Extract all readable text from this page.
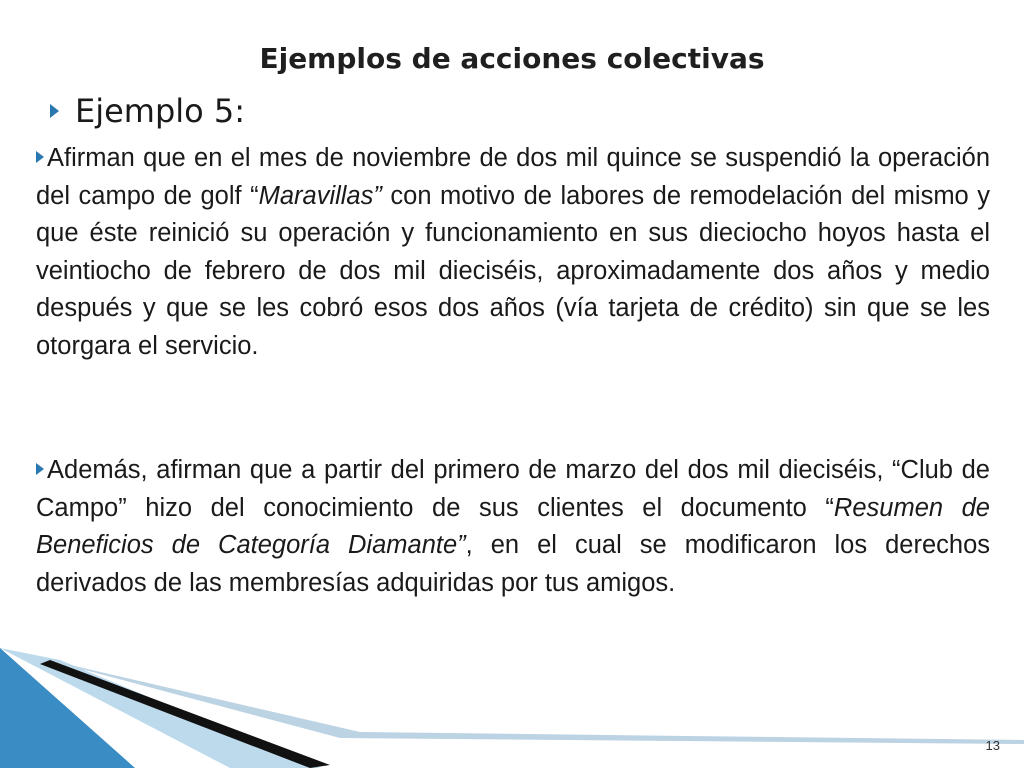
Ejemplos de acciones colectivas
Ejemplo 5:
Afirman que en el mes de noviembre de dos mil quince se suspendió la operación del campo de golf “Maravillas” con motivo de labores de remodelación del mismo y que éste reinició su operación y funcionamiento en sus dieciocho hoyos hasta el veintiocho de febrero de dos mil dieciséis, aproximadamente dos años y medio después y que se les cobró esos dos años (vía tarjeta de crédito) sin que se les otorgara el servicio.
Además, afirman que a partir del primero de marzo del dos mil dieciséis, “Club de Campo” hizo del conocimiento de sus clientes el documento “Resumen de Beneficios de Categoría Diamante”, en el cual se modificaron los derechos derivados de las membresías adquiridas por tus amigos.
13
